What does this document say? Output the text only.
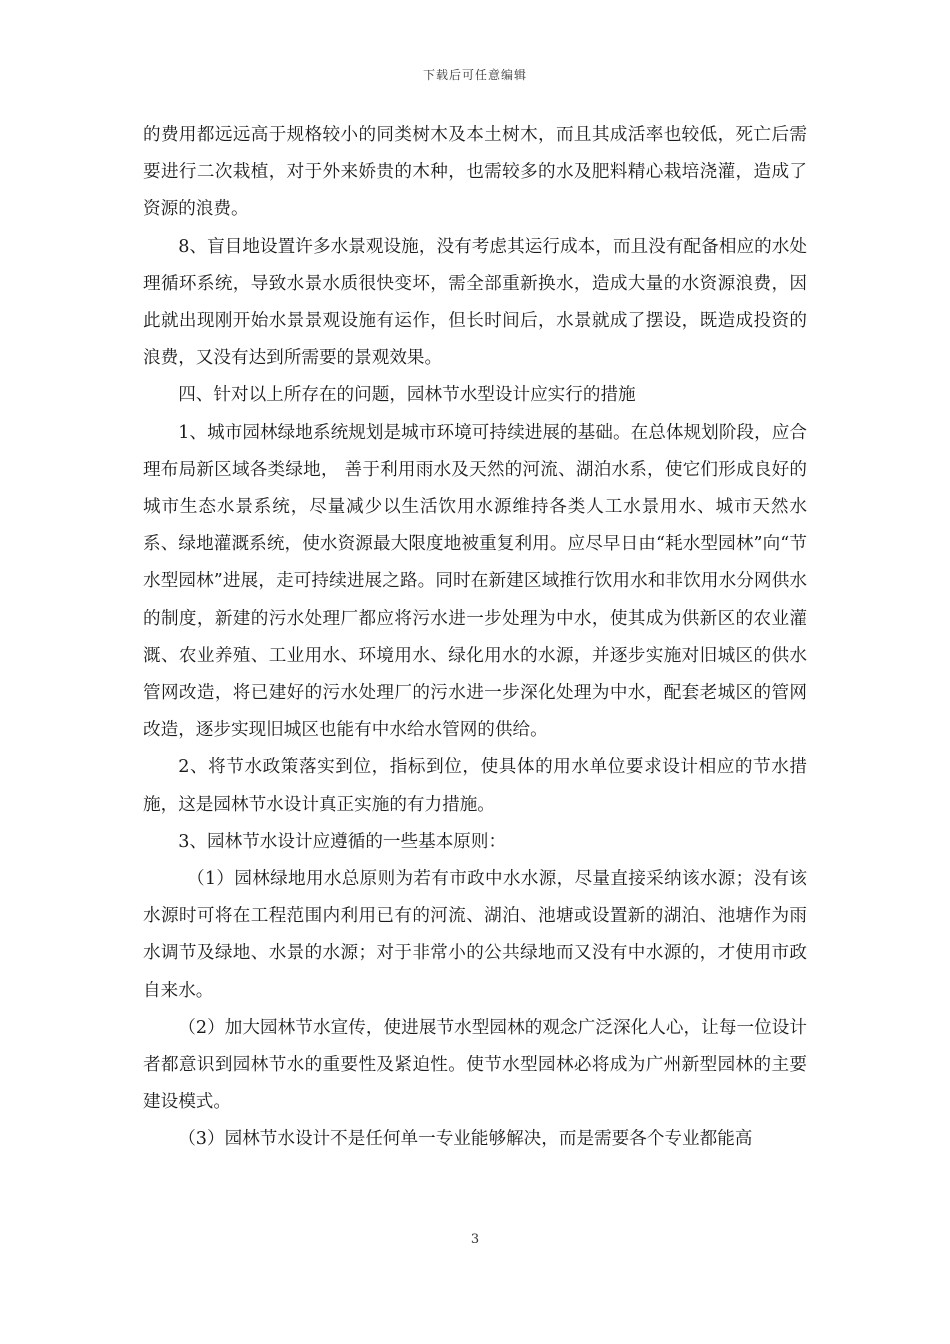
下载后可任意编辑

的费用都远远高于规格较小的同类树木及本土树木，而且其成活率也较低，死亡后需要进行二次栽植，对于外来娇贵的木种，也需较多的水及肥料精心栽培浇灌，造成了资源的浪费。

8、盲目地设置许多水景观设施，没有考虑其运行成本，而且没有配备相应的水处理循环系统，导致水景水质很快变坏，需全部重新换水，造成大量的水资源浪费，因此就出现刚开始水景景观设施有运作，但长时间后，水景就成了摆设，既造成投资的浪费，又没有达到所需要的景观效果。

四、针对以上所存在的问题，园林节水型设计应实行的措施

1、城市园林绿地系统规划是城市环境可持续进展的基础。在总体规划阶段，应合理布局新区域各类绿地， 善于利用雨水及天然的河流、湖泊水系，使它们形成良好的城市生态水景系统，尽量减少以生活饮用水源维持各类人工水景用水、城市天然水系、绿地灌溉系统，使水资源最大限度地被重复利用。应尽早日由“耗水型园林”向“节水型园林”进展，走可持续进展之路。同时在新建区域推行饮用水和非饮用水分网供水的制度，新建的污水处理厂都应将污水进一步处理为中水，使其成为供新区的农业灌溉、农业养殖、工业用水、环境用水、绿化用水的水源，并逐步实施对旧城区的供水管网改造，将已建好的污水处理厂的污水进一步深化处理为中水，配套老城区的管网改造，逐步实现旧城区也能有中水给水管网的供给。

2、将节水政策落实到位，指标到位，使具体的用水单位要求设计相应的节水措施，这是园林节水设计真正实施的有力措施。

3、园林节水设计应遵循的一些基本原则：

（1）园林绿地用水总原则为若有市政中水水源，尽量直接采纳该水源；没有该水源时可将在工程范围内利用已有的河流、湖泊、池塘或设置新的湖泊、池塘作为雨水调节及绿地、水景的水源；对于非常小的公共绿地而又没有中水源的，才使用市政自来水。

（2）加大园林节水宣传，使进展节水型园林的观念广泛深化人心，让每一位设计者都意识到园林节水的重要性及紧迫性。使节水型园林必将成为广州新型园林的主要建设模式。

（3）园林节水设计不是任何单一专业能够解决，而是需要各个专业都能高

3
